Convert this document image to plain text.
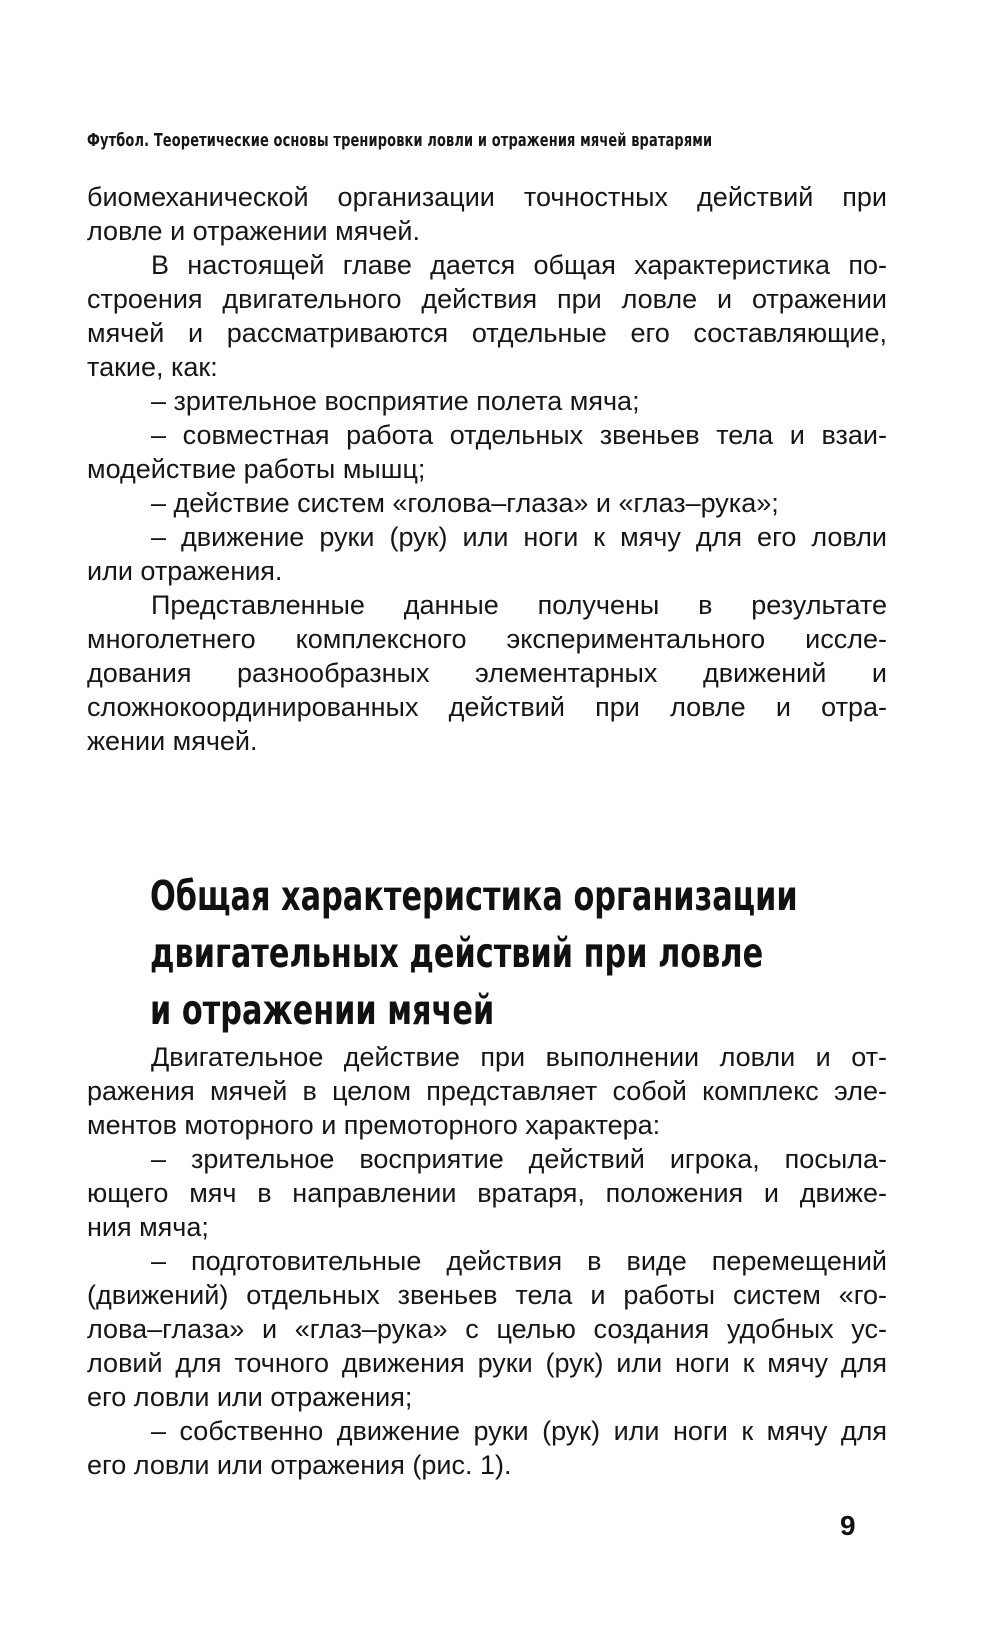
Футбол. Теоретические основы тренировки ловли и отражения мячей вратарями
биомеханической организации точностных действий при
ловле и отражении мячей.
В настоящей главе дается общая характеристика по-
строения двигательного действия при ловле и отражении
мячей и рассматриваются отдельные его составляющие,
такие, как:
– зрительное восприятие полета мяча;
– совместная работа отдельных звеньев тела и взаи-
модействие работы мышц;
– действие систем «голова–глаза» и «глаз–рука»;
– движение руки (рук) или ноги к мячу для его ловли
или отражения.
Представленные данные получены в результате
многолетнего комплексного экспериментального иссле-
дования разнообразных элементарных движений и
сложнокоординированных действий при ловле и отра-
жении мячей.
Общая характеристика организации
двигательных действий при ловле
и отражении мячей
Двигательное действие при выполнении ловли и от-
ражения мячей в целом представляет собой комплекс эле-
ментов моторного и премоторного характера:
– зрительное восприятие действий игрока, посыла-
ющего мяч в направлении вратаря, положения и движе-
ния мяча;
– подготовительные действия в виде перемещений
(движений) отдельных звеньев тела и работы систем «го-
лова–глаза» и «глаз–рука» с целью создания удобных ус-
ловий для точного движения руки (рук) или ноги к мячу для
его ловли или отражения;
– собственно движение руки (рук) или ноги к мячу для
его ловли или отражения (рис. 1).
9
